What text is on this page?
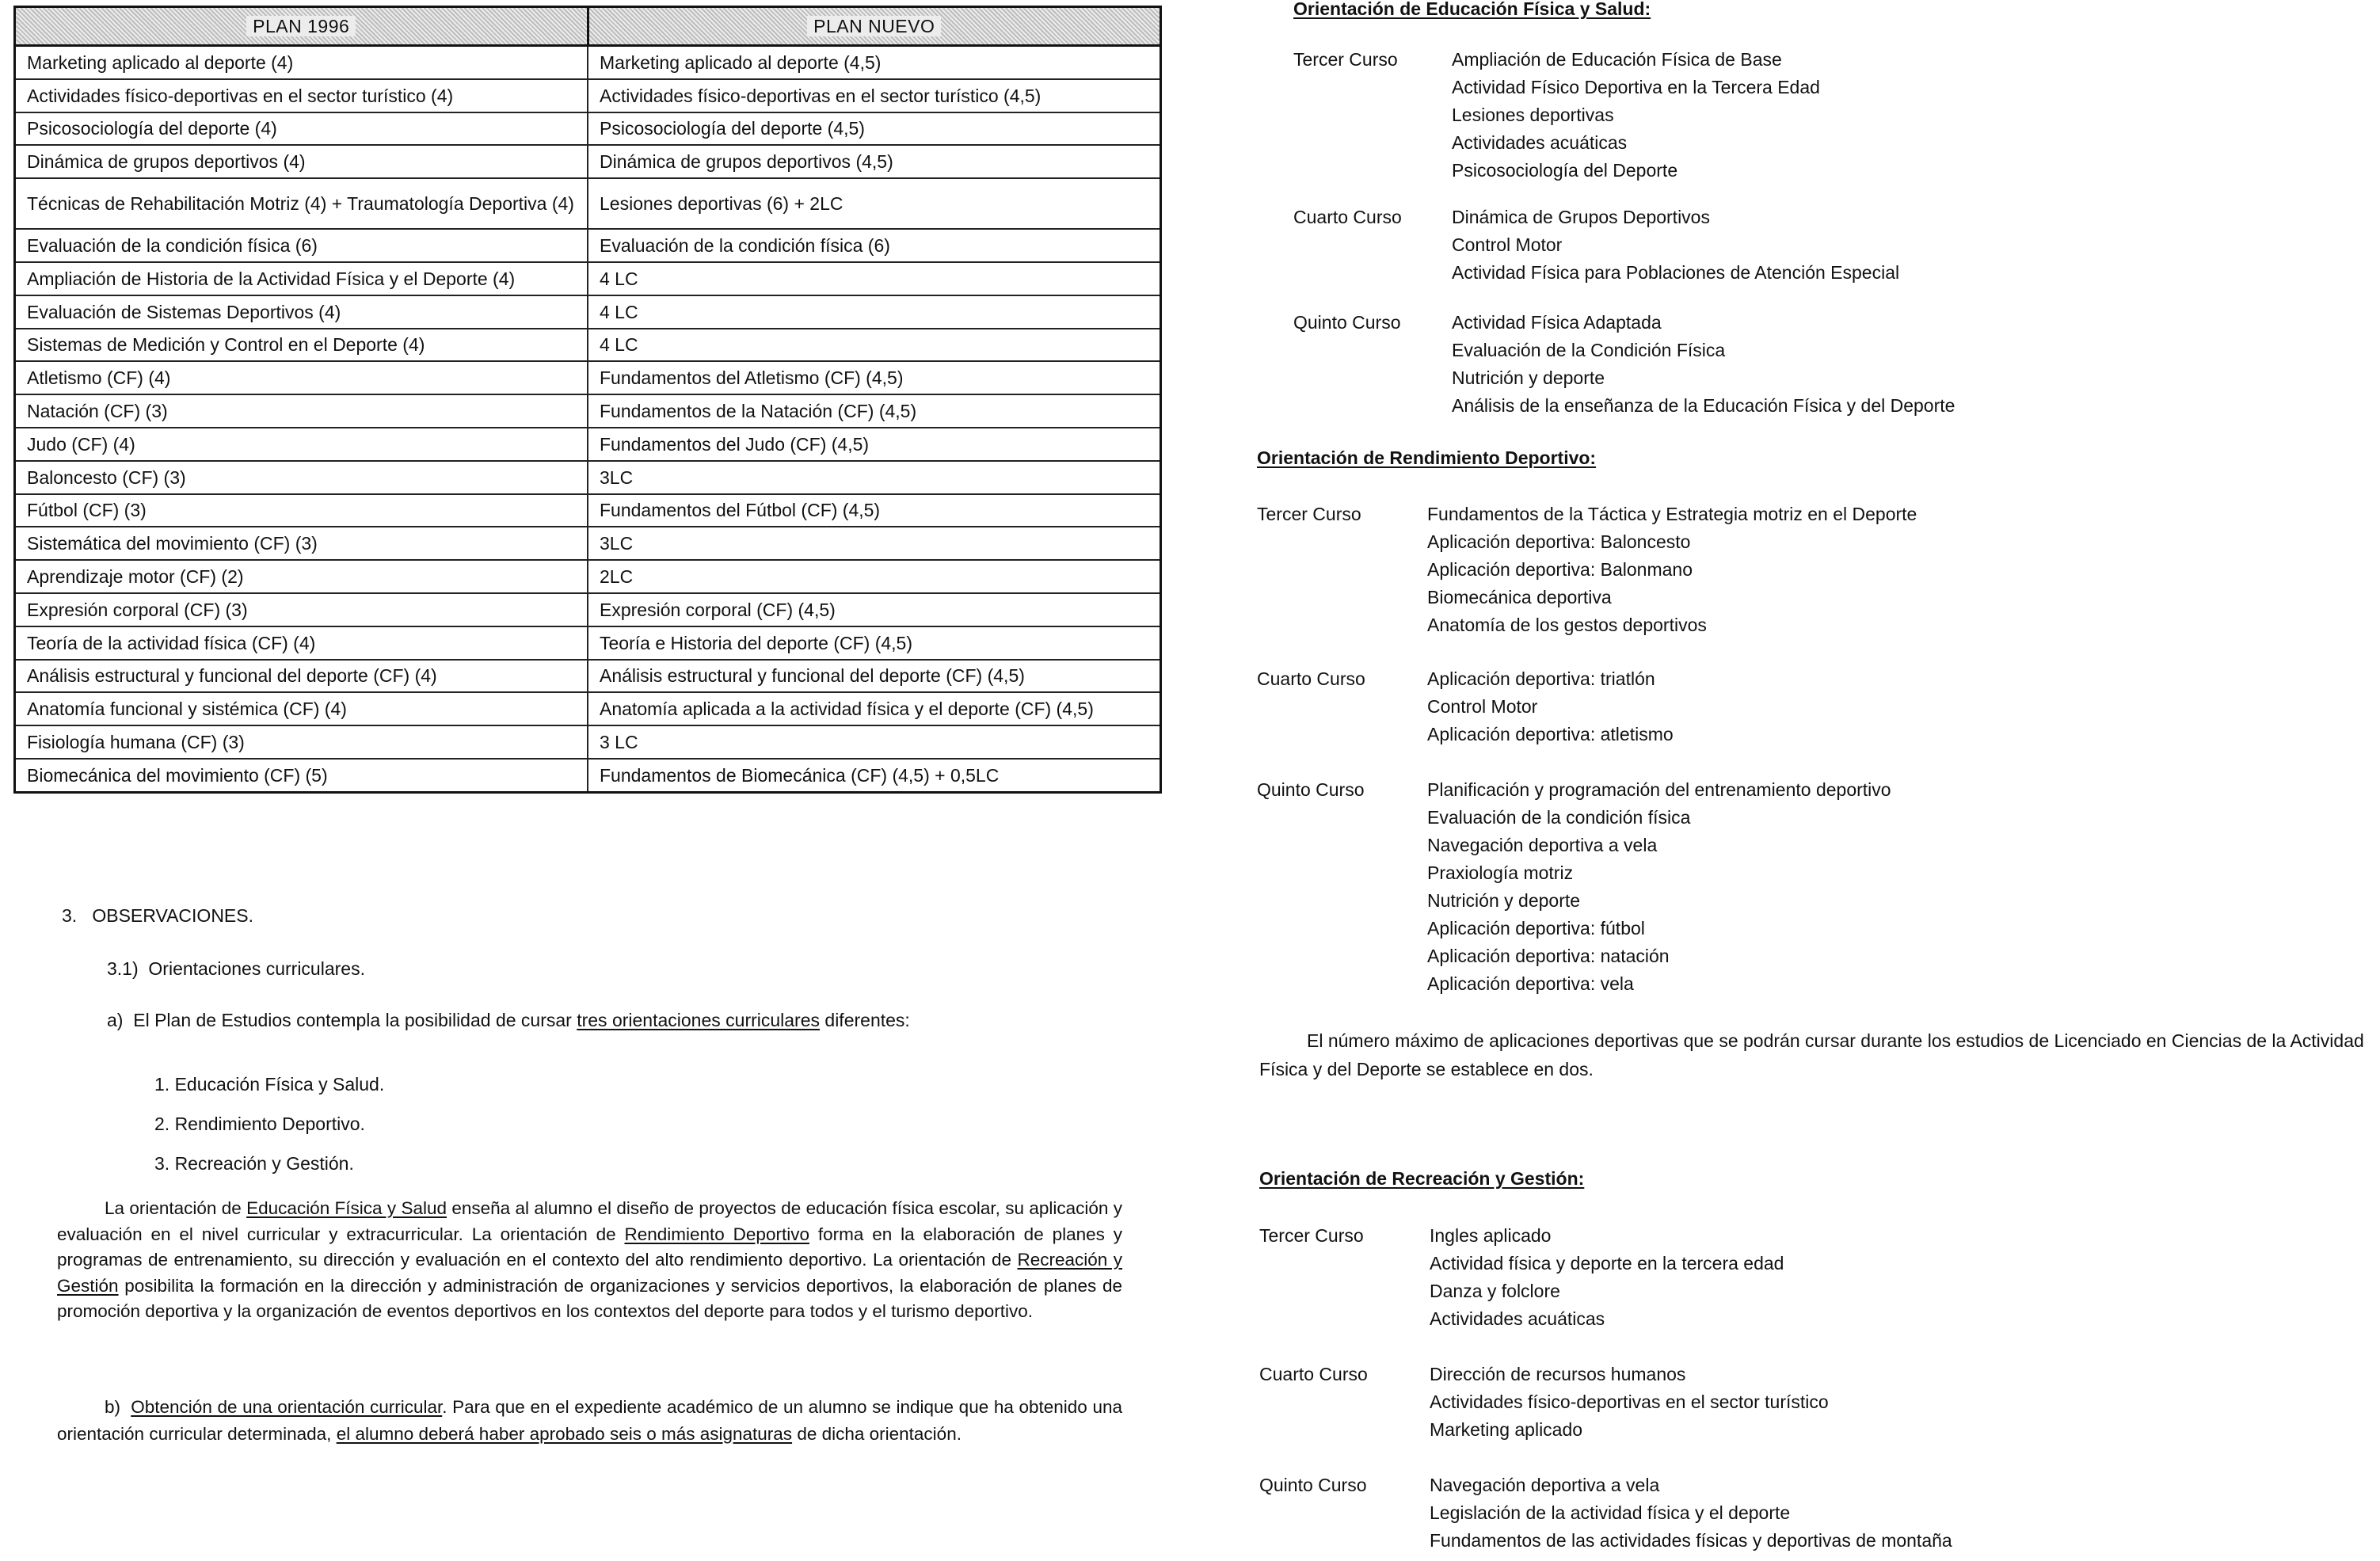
PLAN 1996	PLAN NUEVO
Marketing aplicado al deporte (4)	Marketing aplicado al deporte (4,5)
Actividades físico-deportivas en el sector turístico (4)	Actividades físico-deportivas en el sector turístico (4,5)
Psicosociología del deporte (4)	Psicosociología del deporte (4,5)
Dinámica de grupos deportivos (4)	Dinámica de grupos deportivos (4,5)
Técnicas de Rehabilitación Motriz (4) + Traumatología Deportiva (4)	Lesiones deportivas (6) + 2LC
Evaluación de la condición física (6)	Evaluación de la condición física (6)
Ampliación de Historia de la Actividad Física y el Deporte (4)	4 LC
Evaluación de Sistemas Deportivos (4)	4 LC
Sistemas de Medición y Control en el Deporte (4)	4 LC
Atletismo (CF) (4)	Fundamentos del Atletismo (CF) (4,5)
Natación (CF) (3)	Fundamentos de la Natación (CF) (4,5)
Judo (CF) (4)	Fundamentos del Judo (CF) (4,5)
Baloncesto (CF) (3)	3LC
Fútbol (CF) (3)	Fundamentos del Fútbol (CF) (4,5)
Sistemática del movimiento (CF) (3)	3LC
Aprendizaje motor (CF) (2)	2LC
Expresión corporal (CF) (3)	Expresión corporal (CF) (4,5)
Teoría de la actividad física (CF) (4)	Teoría e Historia del deporte (CF) (4,5)
Análisis estructural y funcional del deporte (CF) (4)	Análisis estructural y funcional del deporte (CF) (4,5)
Anatomía funcional y sistémica (CF) (4)	Anatomía aplicada a la actividad física y el deporte (CF) (4,5)
Fisiología humana (CF) (3)	3 LC
Biomecánica del movimiento (CF) (5)	Fundamentos de Biomecánica (CF) (4,5) + 0,5LC
3.   OBSERVACIONES.
3.1)  Orientaciones curriculares.
a)  El Plan de Estudios contempla la posibilidad de cursar tres orientaciones curriculares diferentes:
1. Educación Física y Salud.
2. Rendimiento Deportivo.
3. Recreación y Gestión.
La orientación de Educación Física y Salud enseña al alumno el diseño de proyectos de educación física escolar, su aplicación y evaluación en el nivel curricular y extracurricular. La orientación de Rendimiento Deportivo forma en la elaboración de planes y programas de entrenamiento, su dirección y evaluación en el contexto del alto rendimiento deportivo. La orientación de Recreación y Gestión posibilita la formación en la dirección y administración de organizaciones y servicios deportivos, la elaboración de planes de promoción deportiva y la organización de eventos deportivos en los contextos del deporte para todos y el turismo deportivo.
b)  Obtención de una orientación curricular. Para que en el expediente académico de un alumno se indique que ha obtenido una orientación curricular determinada, el alumno deberá haber aprobado seis o más asignaturas de dicha orientación.
Orientación de Educación Física y Salud:
Tercer Curso	Ampliación de Educación Física de Base
Actividad Físico Deportiva en la Tercera Edad
Lesiones deportivas
Actividades acuáticas
Psicosociología del Deporte
Cuarto Curso	Dinámica de Grupos Deportivos
Control Motor
Actividad Física para Poblaciones de Atención Especial
Quinto Curso	Actividad Física Adaptada
Evaluación de la Condición Física
Nutrición y deporte
Análisis de la enseñanza de la Educación Física y del Deporte
Orientación de Rendimiento Deportivo:
Tercer Curso	Fundamentos de la Táctica y Estrategia motriz en el Deporte
Aplicación deportiva: Baloncesto
Aplicación deportiva: Balonmano
Biomecánica deportiva
Anatomía de los gestos deportivos
Cuarto Curso	Aplicación deportiva: triatlón
Control Motor
Aplicación deportiva: atletismo
Quinto Curso	Planificación y programación del entrenamiento deportivo
Evaluación de la condición física
Navegación deportiva a vela
Praxiología motriz
Nutrición y deporte
Aplicación deportiva: fútbol
Aplicación deportiva: natación
Aplicación deportiva: vela
El número máximo de aplicaciones deportivas que se podrán cursar durante los estudios de Licenciado en Ciencias de la Actividad Física y del Deporte se establece en dos.
Orientación de Recreación y Gestión:
Tercer Curso	Ingles aplicado
Actividad física y deporte en la tercera edad
Danza y folclore
Actividades acuáticas
Cuarto Curso	Dirección de recursos humanos
Actividades físico-deportivas en el sector turístico
Marketing aplicado
Quinto Curso	Navegación deportiva a vela
Legislación de la actividad física y el deporte
Fundamentos de las actividades físicas y deportivas de montaña
